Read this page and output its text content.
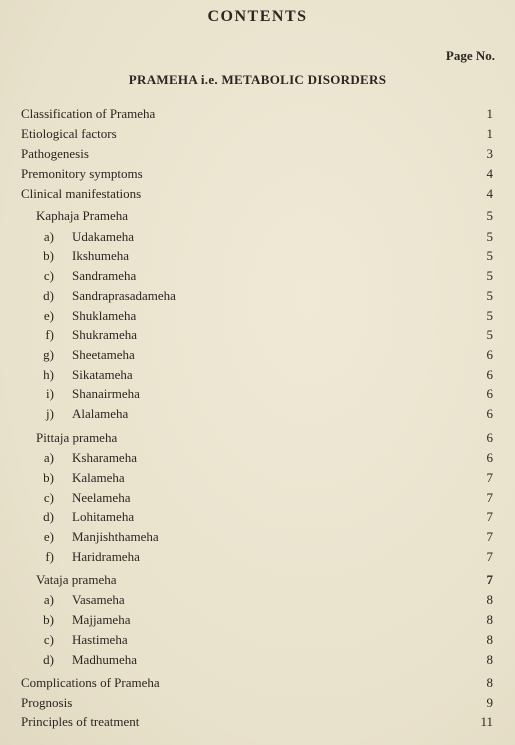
CONTENTS
Page No.
PRAMEHA i.e. METABOLIC DISORDERS
Classification of Prameha	1
Etiological factors	1
Pathogenesis	3
Premonitory symptoms	4
Clinical manifestations	4
Kaphaja Prameha	5
a) Udakameha	5
b) Ikshumeha	5
c) Sandrameha	5
d) Sandraprasadameha	5
e) Shuklameha	5
f) Shukrameha	5
g) Sheetameha	6
h) Sikatameha	6
i) Shanairmeha	6
j) Alalameha	6
Pittaja prameha	6
a) Ksharameha	6
b) Kalameha	7
c) Neelameha	7
d) Lohitameha	7
e) Manjishthameha	7
f) Haridrameha	7
Vataja prameha	7
a) Vasameha	8
b) Majjameha	8
c) Hastimeha	8
d) Madhumeha	8
Complications of Prameha	8
Prognosis	9
Principles of treatment	11
